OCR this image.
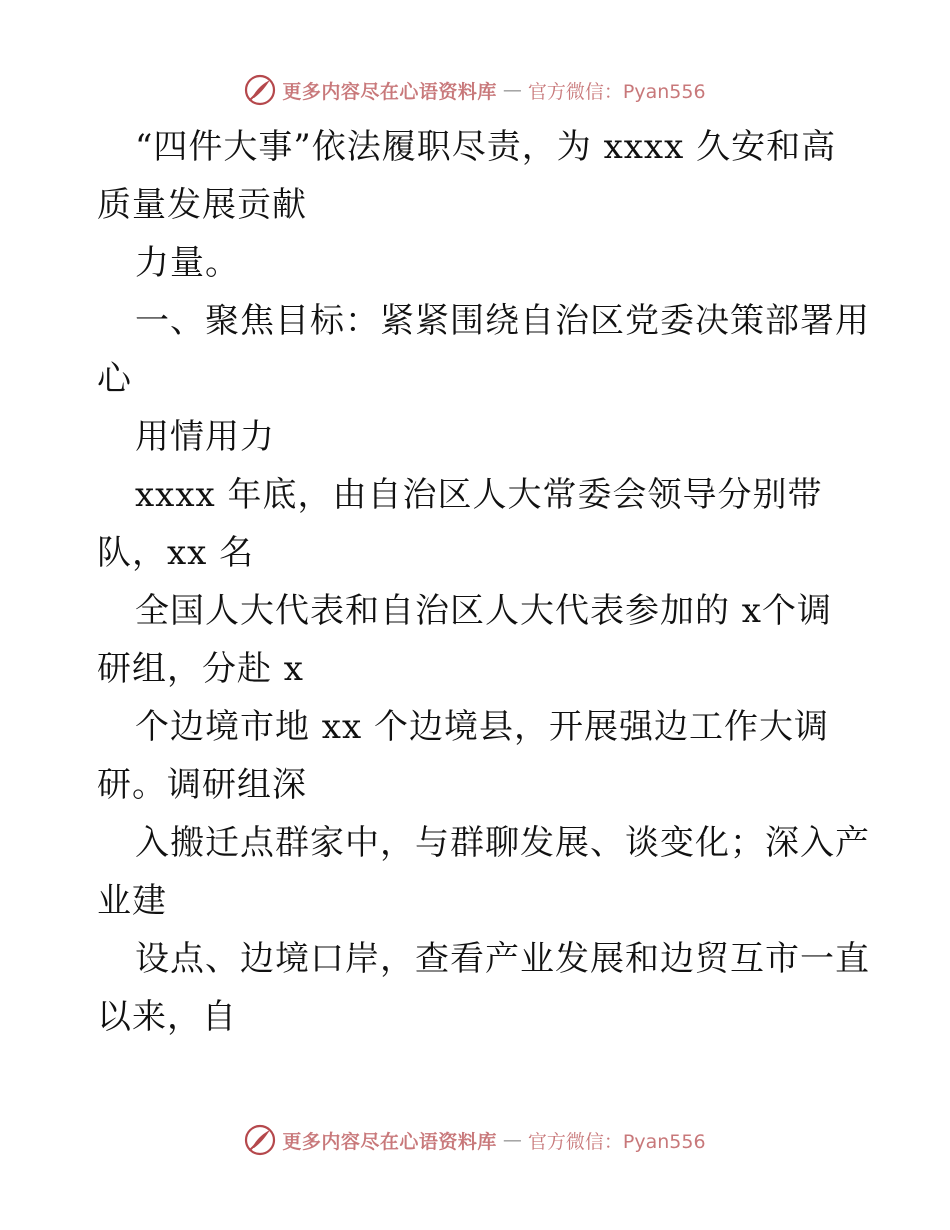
更多内容尽在心语资料库 — 官方微信：Pyan556
“四件大事”依法履职尽责，为 xxxx 久安和高
质量发展贡献
力量。
一、聚焦目标：紧紧围绕自治区党委决策部署用
心
用情用力
xxxx 年底，由自治区人大常委会领导分别带
队，xx 名
全国人大代表和自治区人大代表参加的 x个调
研组，分赴 x
个边境市地 xx 个边境县，开展强边工作大调
研。调研组深
入搬迁点群家中，与群聊发展、谈变化；深入产
业建
设点、边境口岸，查看产业发展和边贸互市一直
以来，自
更多内容尽在心语资料库 — 官方微信：Pyan556
